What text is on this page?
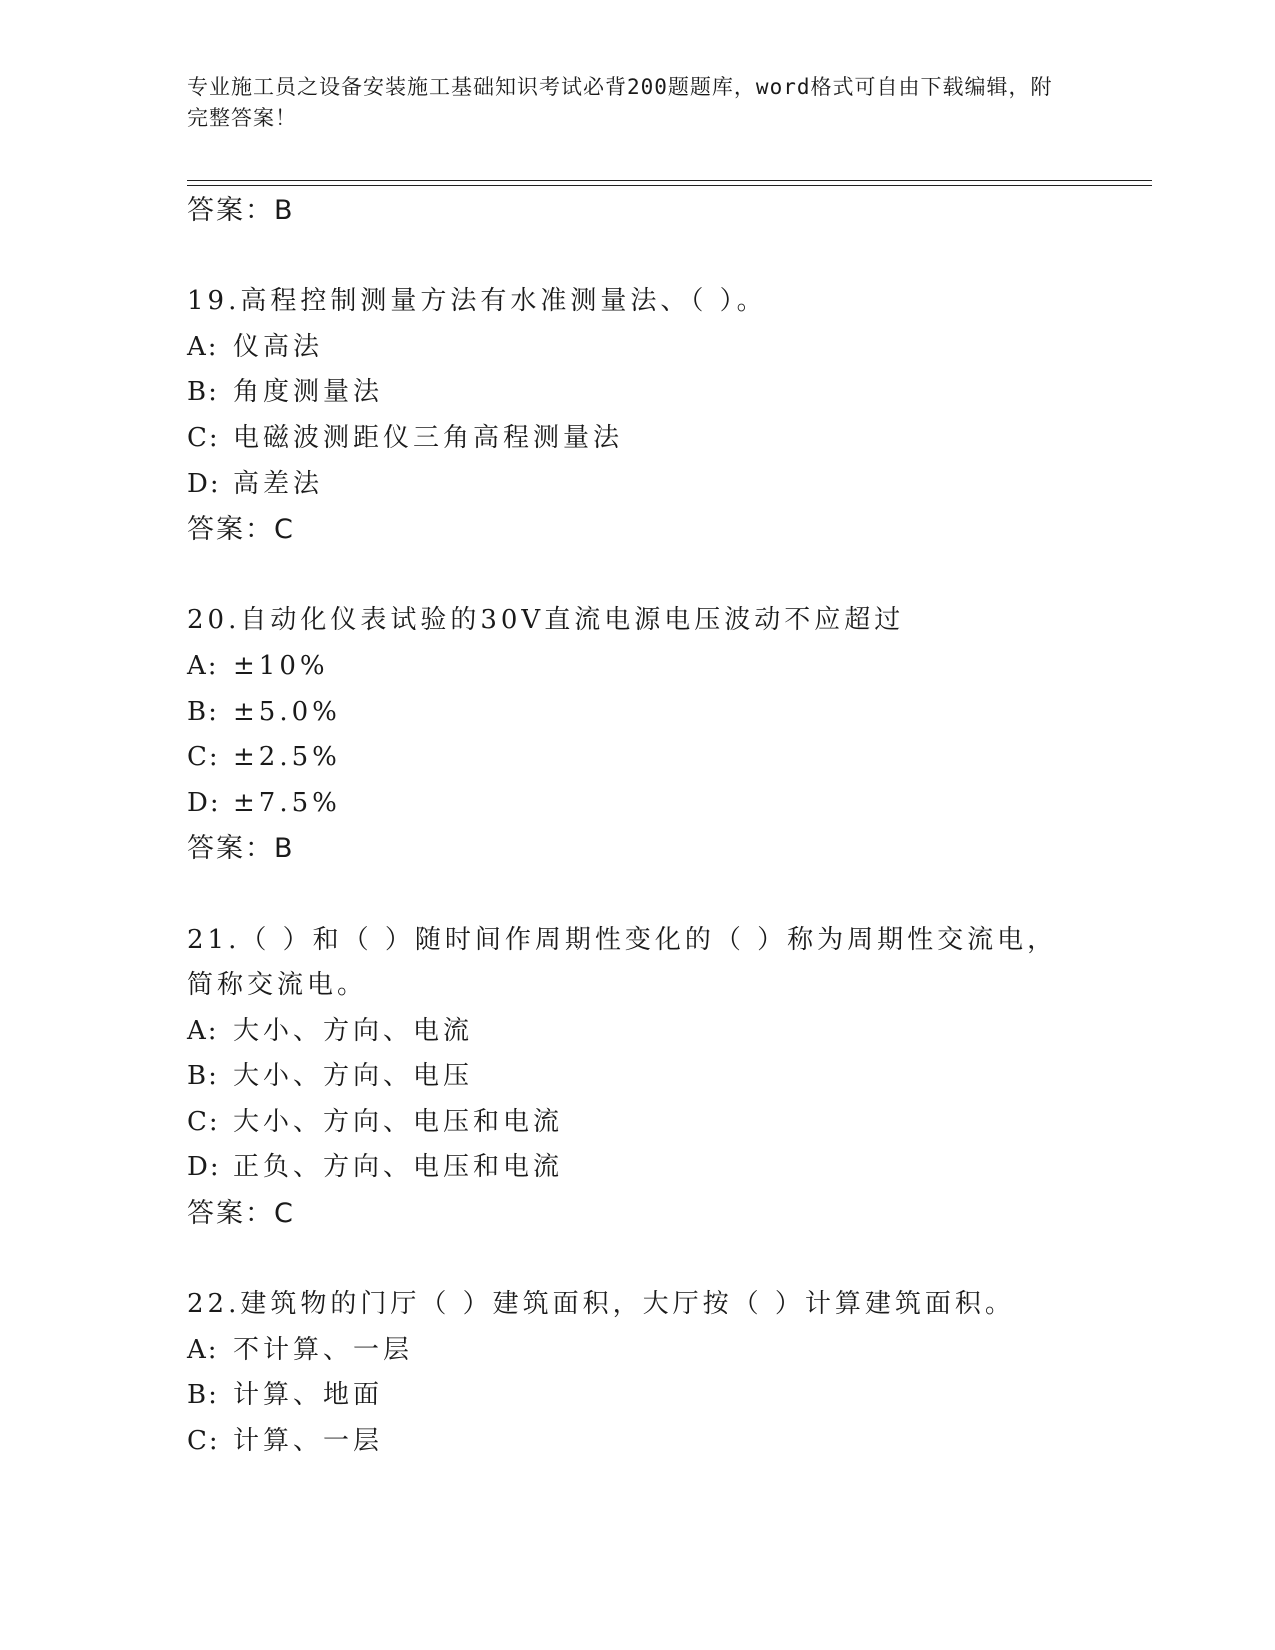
专业施工员之设备安装施工基础知识考试必背200题题库，word格式可自由下载编辑，附完整答案！
答案：B
19.高程控制测量方法有水准测量法、（ ）。
A: 仪高法
B: 角度测量法
C: 电磁波测距仪三角高程测量法
D: 高差法
答案：C
20.自动化仪表试验的30V直流电源电压波动不应超过
A: ±10%
B: ±5.0%
C: ±2.5%
D: ±7.5%
答案：B
21.（ ）和（ ）随时间作周期性变化的（ ）称为周期性交流电，简称交流电。
A: 大小、方向、电流
B: 大小、方向、电压
C: 大小、方向、电压和电流
D: 正负、方向、电压和电流
答案：C
22.建筑物的门厅（ ）建筑面积，大厅按（ ）计算建筑面积。
A: 不计算、一层
B: 计算、地面
C: 计算、一层
